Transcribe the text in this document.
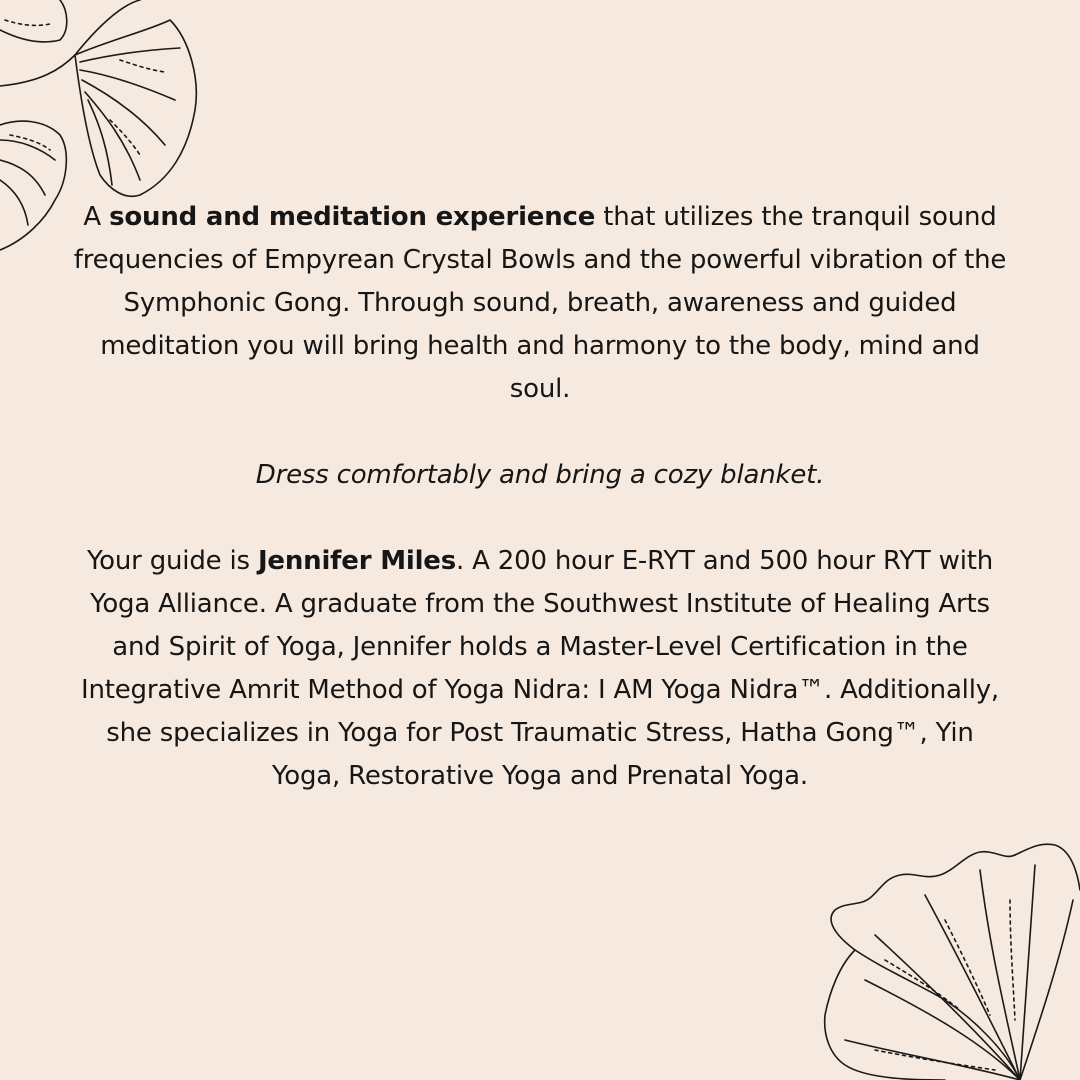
A sound and meditation experience that utilizes the tranquil sound frequencies of Empyrean Crystal Bowls and the powerful vibration of the Symphonic Gong. Through sound, breath, awareness and guided meditation you will bring health and harmony to the body, mind and soul.

Dress comfortably and bring a cozy blanket.

Your guide is Jennifer Miles. A 200 hour E-RYT and 500 hour RYT with Yoga Alliance. A graduate from the Southwest Institute of Healing Arts and Spirit of Yoga, Jennifer holds a Master-Level Certification in the Integrative Amrit Method of Yoga Nidra: I AM Yoga Nidra™. Additionally, she specializes in Yoga for Post Traumatic Stress, Hatha Gong™, Yin Yoga, Restorative Yoga and Prenatal Yoga.
